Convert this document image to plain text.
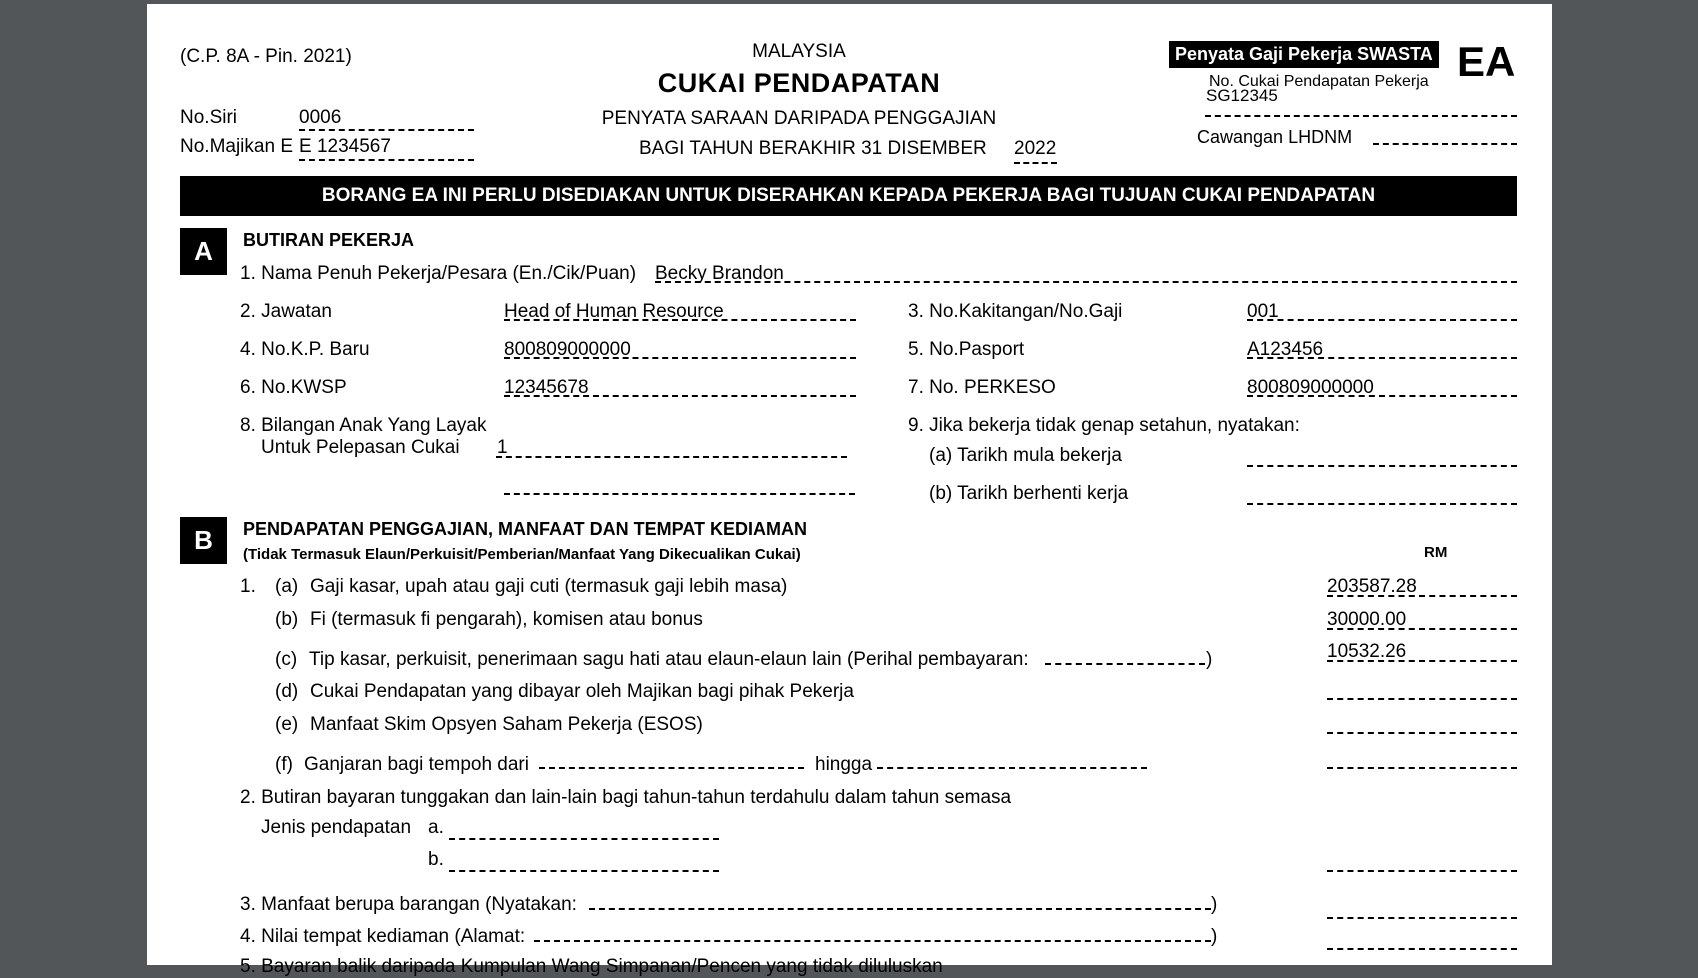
(C.P. 8A - Pin. 2021)
No.Siri	0006
No.Majikan E E 1234567
MALAYSIA
CUKAI PENDAPATAN
PENYATA SARAAN DARIPADA PENGGAJIAN
BAGI TAHUN BERAKHIR 31 DISEMBER 2022
Penyata Gaji Pekerja SWASTA EA
No. Cukai Pendapatan Pekerja
SG12345
Cawangan LHDNM
BORANG EA INI PERLU DISEDIAKAN UNTUK DISERAHKAN KEPADA PEKERJA BAGI TUJUAN CUKAI PENDAPATAN
A	BUTIRAN PEKERJA
1. Nama Penuh Pekerja/Pesara (En./Cik/Puan) Becky Brandon
2. Jawatan	Head of Human Resource	3. No.Kakitangan/No.Gaji	001
4. No.K.P. Baru	800809000000	5. No.Pasport	A123456
6. No.KWSP	12345678	7. No. PERKESO	800809000000
8. Bilangan Anak Yang Layak
Untuk Pelepasan Cukai 1
9. Jika bekerja tidak genap setahun, nyatakan:
(a) Tarikh mula bekerja
(b) Tarikh berhenti kerja
B	PENDAPATAN PENGGAJIAN, MANFAAT DAN TEMPAT KEDIAMAN
(Tidak Termasuk Elaun/Perkuisit/Pemberian/Manfaat Yang Dikecualikan Cukai)	RM
1. (a) Gaji kasar, upah atau gaji cuti (termasuk gaji lebih masa)	203587.28
(b) Fi (termasuk fi pengarah), komisen atau bonus	30000.00
(c) Tip kasar, perkuisit, penerimaan sagu hati atau elaun-elaun lain (Perihal pembayaran:	)	10532.26
(d) Cukai Pendapatan yang dibayar oleh Majikan bagi pihak Pekerja
(e) Manfaat Skim Opsyen Saham Pekerja (ESOS)
(f) Ganjaran bagi tempoh dari	hingga
2. Butiran bayaran tunggakan dan lain-lain bagi tahun-tahun terdahulu dalam tahun semasa
Jenis pendapatan a.
b.
3. Manfaat berupa barangan (Nyatakan:	)
4. Nilai tempat kediaman (Alamat:	)
5. Bayaran balik daripada Kumpulan Wang Simpanan/Pencen yang tidak diluluskan
